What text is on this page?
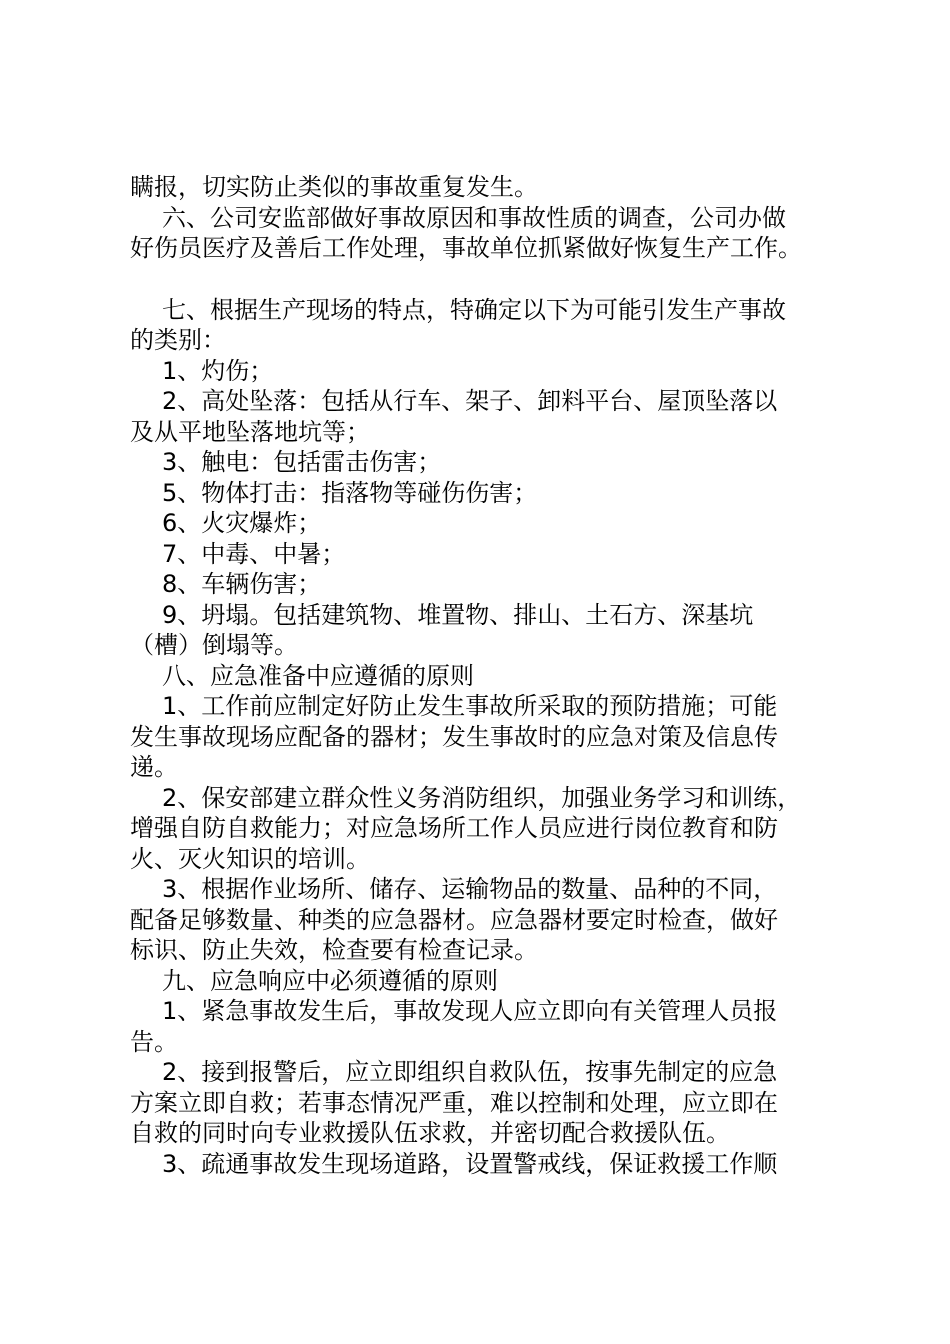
瞒报，切实防止类似的事故重复发生。
六、公司安监部做好事故原因和事故性质的调查，公司办做
好伤员医疗及善后工作处理，事故单位抓紧做好恢复生产工作。
七、根据生产现场的特点，特确定以下为可能引发生产事故
的类别：
1、灼伤；
2、高处坠落：包括从行车、架子、卸料平台、屋顶坠落以
及从平地坠落地坑等；
3、触电：包括雷击伤害；
5、物体打击：指落物等碰伤伤害；
6、火灾爆炸；
7、中毒、中暑；
8、车辆伤害；
9、坍塌。包括建筑物、堆置物、排山、土石方、深基坑
（槽）倒塌等。
八、应急准备中应遵循的原则
1、工作前应制定好防止发生事故所采取的预防措施；可能
发生事故现场应配备的器材；发生事故时的应急对策及信息传
递。
2、保安部建立群众性义务消防组织，加强业务学习和训练，
增强自防自救能力；对应急场所工作人员应进行岗位教育和防
火、灭火知识的培训。
3、根据作业场所、储存、运输物品的数量、品种的不同，
配备足够数量、种类的应急器材。应急器材要定时检查，做好
标识、防止失效，检查要有检查记录。
九、应急响应中必须遵循的原则
1、紧急事故发生后，事故发现人应立即向有关管理人员报
告。
2、接到报警后，应立即组织自救队伍，按事先制定的应急
方案立即自救；若事态情况严重，难以控制和处理，应立即在
自救的同时向专业救援队伍求救，并密切配合救援队伍。
3、疏通事故发生现场道路，设置警戒线，保证救援工作顺
